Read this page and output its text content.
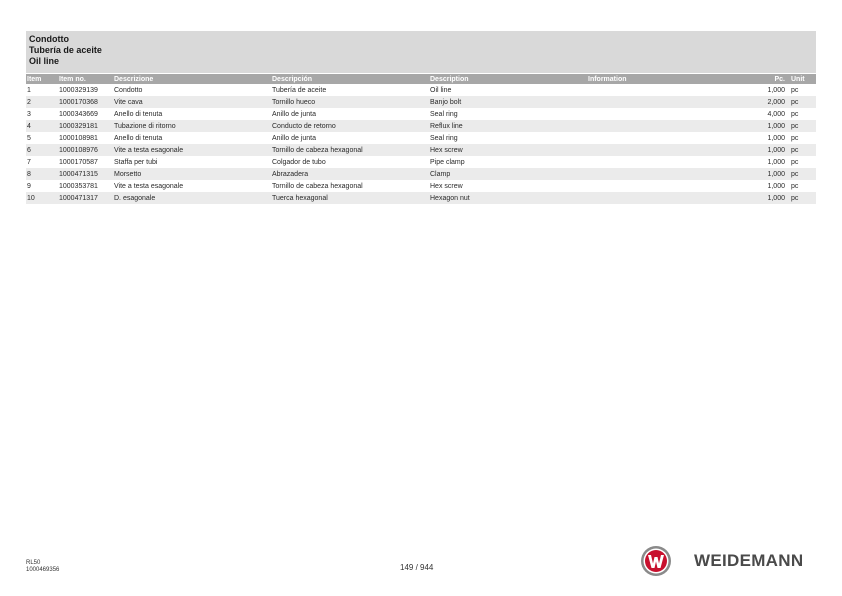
Condotto
Tubería de aceite
Oil line
Item	Item no.	Descrizione	Descripción	Description	Information	Pc.	Unit
1	1000329139	Condotto	Tubería de aceite	Oil line		1,000	pc
2	1000170368	Vite cava	Tornillo hueco	Banjo bolt		2,000	pc
3	1000343669	Anello di tenuta	Anillo de junta	Seal ring		4,000	pc
4	1000329181	Tubazione di ritorno	Conducto de retorno	Reflux line		1,000	pc
5	1000108981	Anello di tenuta	Anillo de junta	Seal ring		1,000	pc
6	1000108976	Vite a testa esagonale	Tornillo de cabeza hexagonal	Hex screw		1,000	pc
7	1000170587	Staffa per tubi	Colgador de tubo	Pipe clamp		1,000	pc
8	1000471315	Morsetto	Abrazadera	Clamp		1,000	pc
9	1000353781	Vite a testa esagonale	Tornillo de cabeza hexagonal	Hex screw		1,000	pc
10	1000471317	D. esagonale	Tuerca hexagonal	Hexagon nut		1,000	pc
RL50
1000469356	149 / 944	WEIDEMANN
